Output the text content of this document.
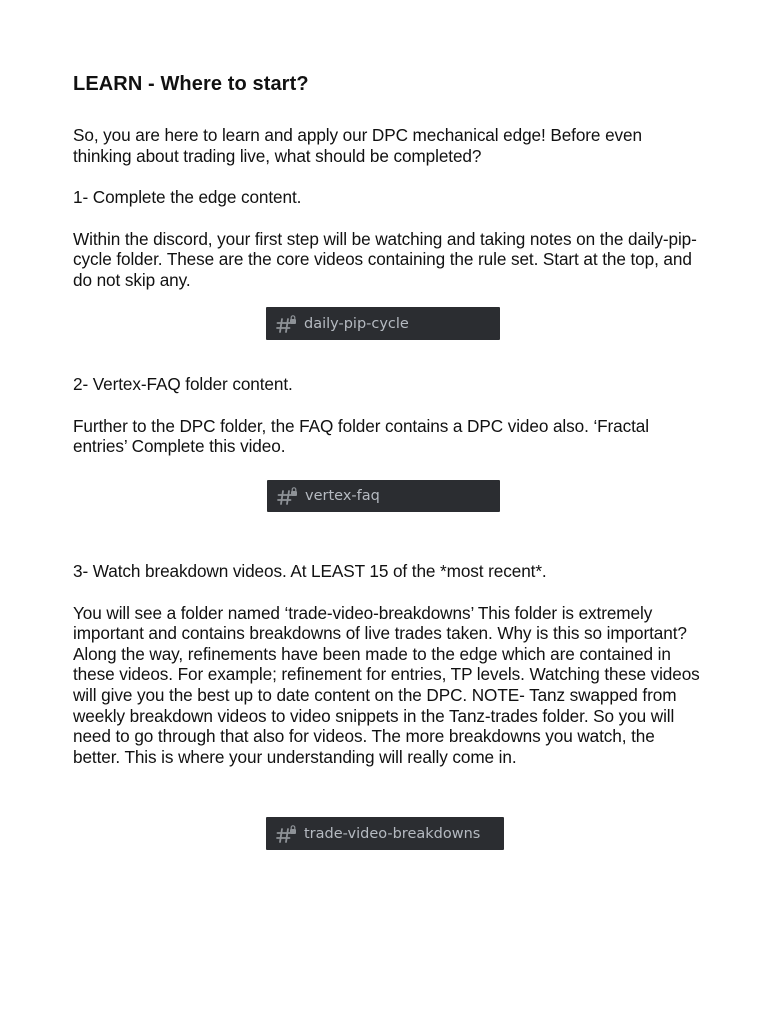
LEARN - Where to start?

So, you are here to learn and apply our DPC mechanical edge! Before even thinking about trading live, what should be completed?

1- Complete the edge content.

Within the discord, your first step will be watching and taking notes on the daily-pip-cycle folder. These are the core videos containing the rule set. Start at the top, and do not skip any.

daily-pip-cycle

2- Vertex-FAQ folder content.

Further to the DPC folder, the FAQ folder contains a DPC video also. ‘Fractal entries’ Complete this video.

vertex-faq

3- Watch breakdown videos. At LEAST 15 of the *most recent*.

You will see a folder named ‘trade-video-breakdowns’ This folder is extremely important and contains breakdowns of live trades taken. Why is this so important? Along the way, refinements have been made to the edge which are contained in these videos. For example; refinement for entries, TP levels. Watching these videos will give you the best up to date content on the DPC. NOTE- Tanz swapped from weekly breakdown videos to video snippets in the Tanz-trades folder. So you will need to go through that also for videos. The more breakdowns you watch, the better. This is where your understanding will really come in.

trade-video-breakdowns
